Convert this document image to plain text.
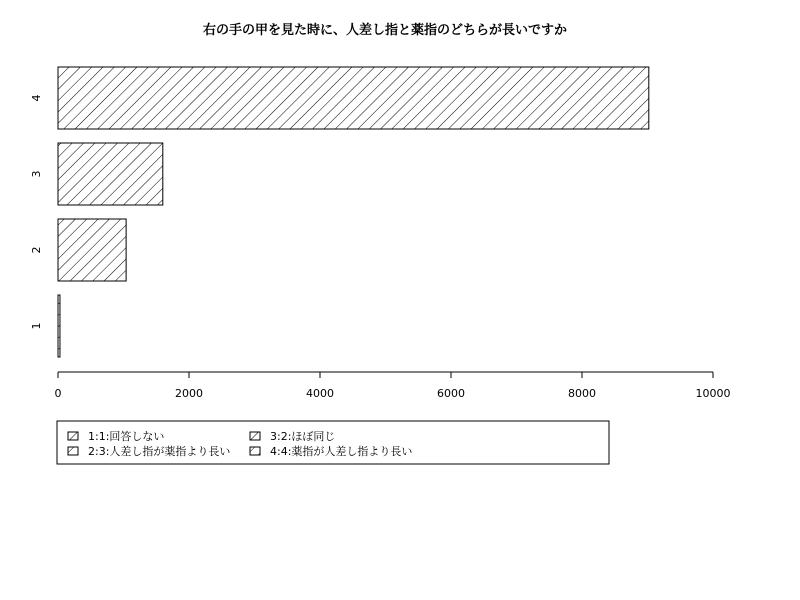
右の手の甲を見た時に、人差し指と薬指のどちらが長いですか
1
2
3
4
0	2000	4000	6000	8000	10000
1:1:回答しない
2:3:人差し指が薬指より長い
3:2:ほぼ同じ
4:4:薬指が人差し指より長い
